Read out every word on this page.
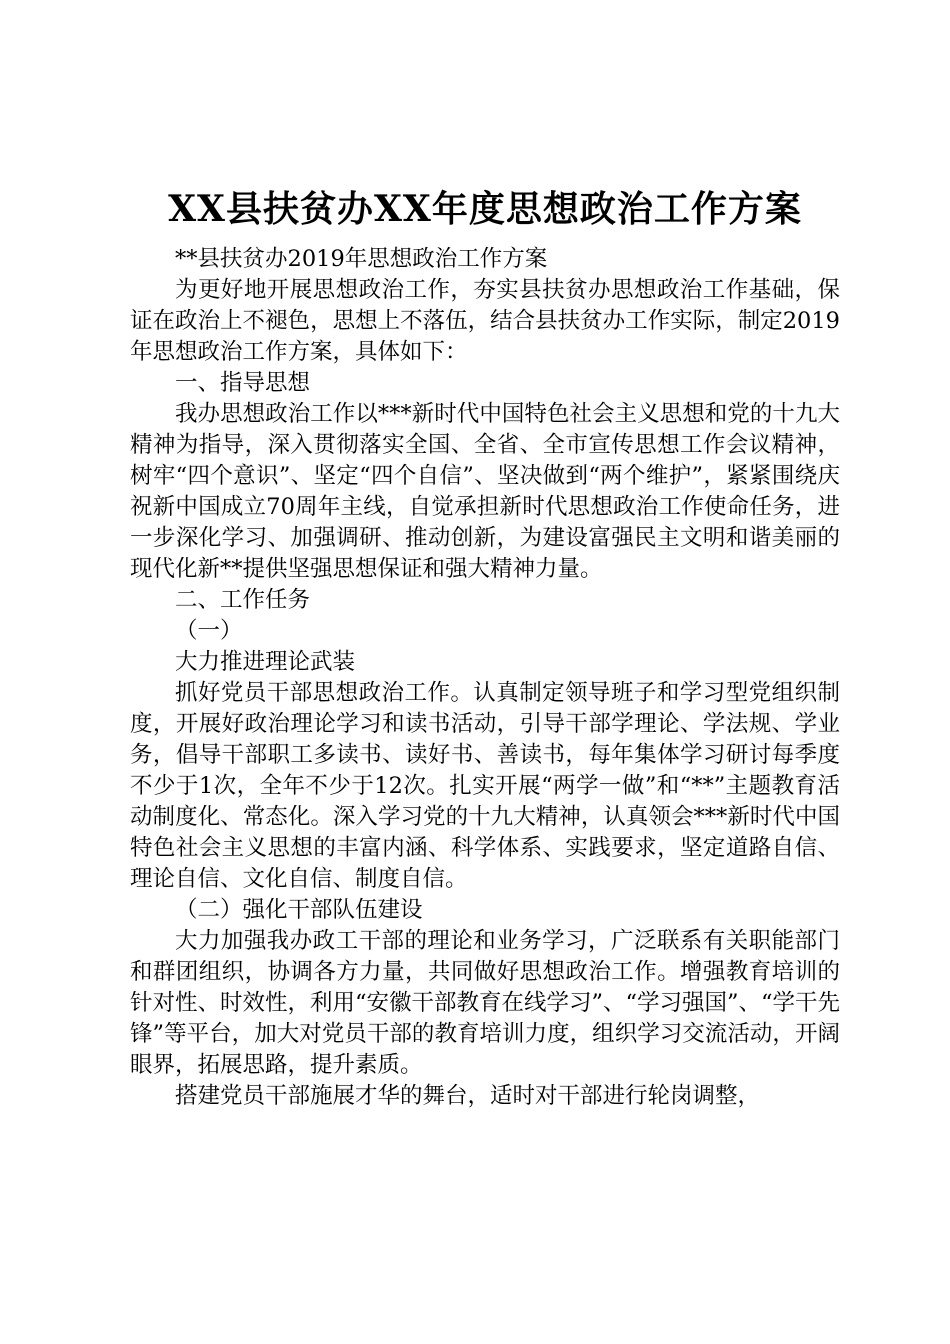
XX县扶贫办XX年度思想政治工作方案

**县扶贫办2019年思想政治工作方案

为更好地开展思想政治工作，夯实县扶贫办思想政治工作基础，保证在政治上不褪色，思想上不落伍，结合县扶贫办工作实际，制定2019年思想政治工作方案，具体如下：

一、指导思想

我办思想政治工作以***新时代中国特色社会主义思想和党的十九大精神为指导，深入贯彻落实全国、全省、全市宣传思想工作会议精神，树牢“四个意识”、坚定“四个自信”、坚决做到“两个维护”，紧紧围绕庆祝新中国成立70周年主线，自觉承担新时代思想政治工作使命任务，进一步深化学习、加强调研、推动创新，为建设富强民主文明和谐美丽的现代化新**提供坚强思想保证和强大精神力量。

二、工作任务

（一）

大力推进理论武装

抓好党员干部思想政治工作。认真制定领导班子和学习型党组织制度，开展好政治理论学习和读书活动，引导干部学理论、学法规、学业务，倡导干部职工多读书、读好书、善读书，每年集体学习研讨每季度不少于1次，全年不少于12次。扎实开展“两学一做”和“**”主题教育活动制度化、常态化。深入学习党的十九大精神，认真领会***新时代中国特色社会主义思想的丰富内涵、科学体系、实践要求，坚定道路自信、理论自信、文化自信、制度自信。

（二）强化干部队伍建设

大力加强我办政工干部的理论和业务学习，广泛联系有关职能部门和群团组织，协调各方力量，共同做好思想政治工作。增强教育培训的针对性、时效性，利用“安徽干部教育在线学习”、“学习强国”、“学干先锋”等平台，加大对党员干部的教育培训力度，组织学习交流活动，开阔眼界，拓展思路，提升素质。

搭建党员干部施展才华的舞台，适时对干部进行轮岗调整，
